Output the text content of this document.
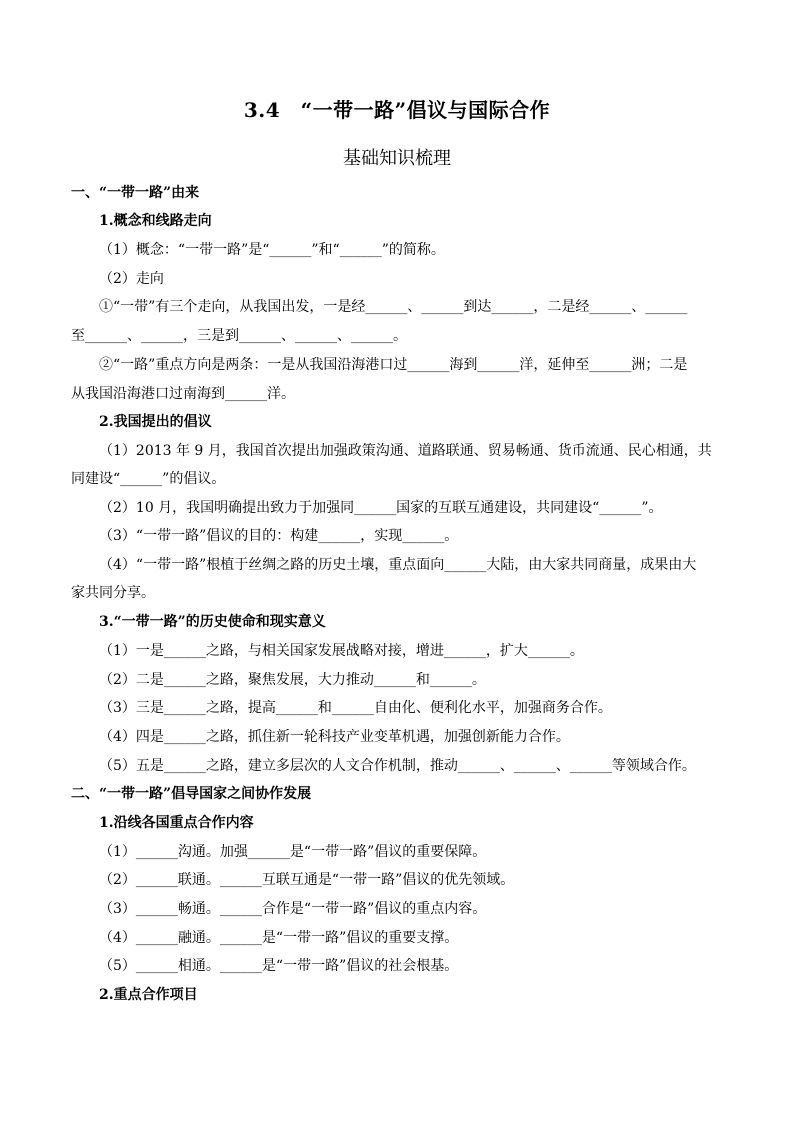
3.4　“一带一路”倡议与国际合作
基础知识梳理
一、“一带一路”由来
1.概念和线路走向
（1）概念：“一带一路”是“______”和“______”的简称。
（2）走向
①“一带”有三个走向，从我国出发，一是经______、______到达______，二是经______、______
至______、______，三是到______、______、______。
②“一路”重点方向是两条：一是从我国沿海港口过______海到______洋，延伸至______洲；二是
从我国沿海港口过南海到______洋。
2.我国提出的倡议
（1）2013 年 9 月，我国首次提出加强政策沟通、道路联通、贸易畅通、货币流通、民心相通，共
同建设“______”的倡议。
（2）10 月，我国明确提出致力于加强同______国家的互联互通建设，共同建设“______”。
（3）“一带一路”倡议的目的：构建______，实现______。
（4）“一带一路”根植于丝绸之路的历史土壤，重点面向______大陆，由大家共同商量，成果由大
家共同分享。
3.“一带一路”的历史使命和现实意义
（1）一是______之路，与相关国家发展战略对接，增进______，扩大______。
（2）二是______之路，聚焦发展，大力推动______和______。
（3）三是______之路，提高______和______自由化、便利化水平，加强商务合作。
（4）四是______之路，抓住新一轮科技产业变革机遇，加强创新能力合作。
（5）五是______之路，建立多层次的人文合作机制，推动______、______、______等领域合作。
二、“一带一路”倡导国家之间协作发展
1.沿线各国重点合作内容
（1）______沟通。加强______是“一带一路”倡议的重要保障。
（2）______联通。______互联互通是“一带一路”倡议的优先领域。
（3）______畅通。______合作是“一带一路”倡议的重点内容。
（4）______融通。______是“一带一路”倡议的重要支撑。
（5）______相通。______是“一带一路”倡议的社会根基。
2.重点合作项目
